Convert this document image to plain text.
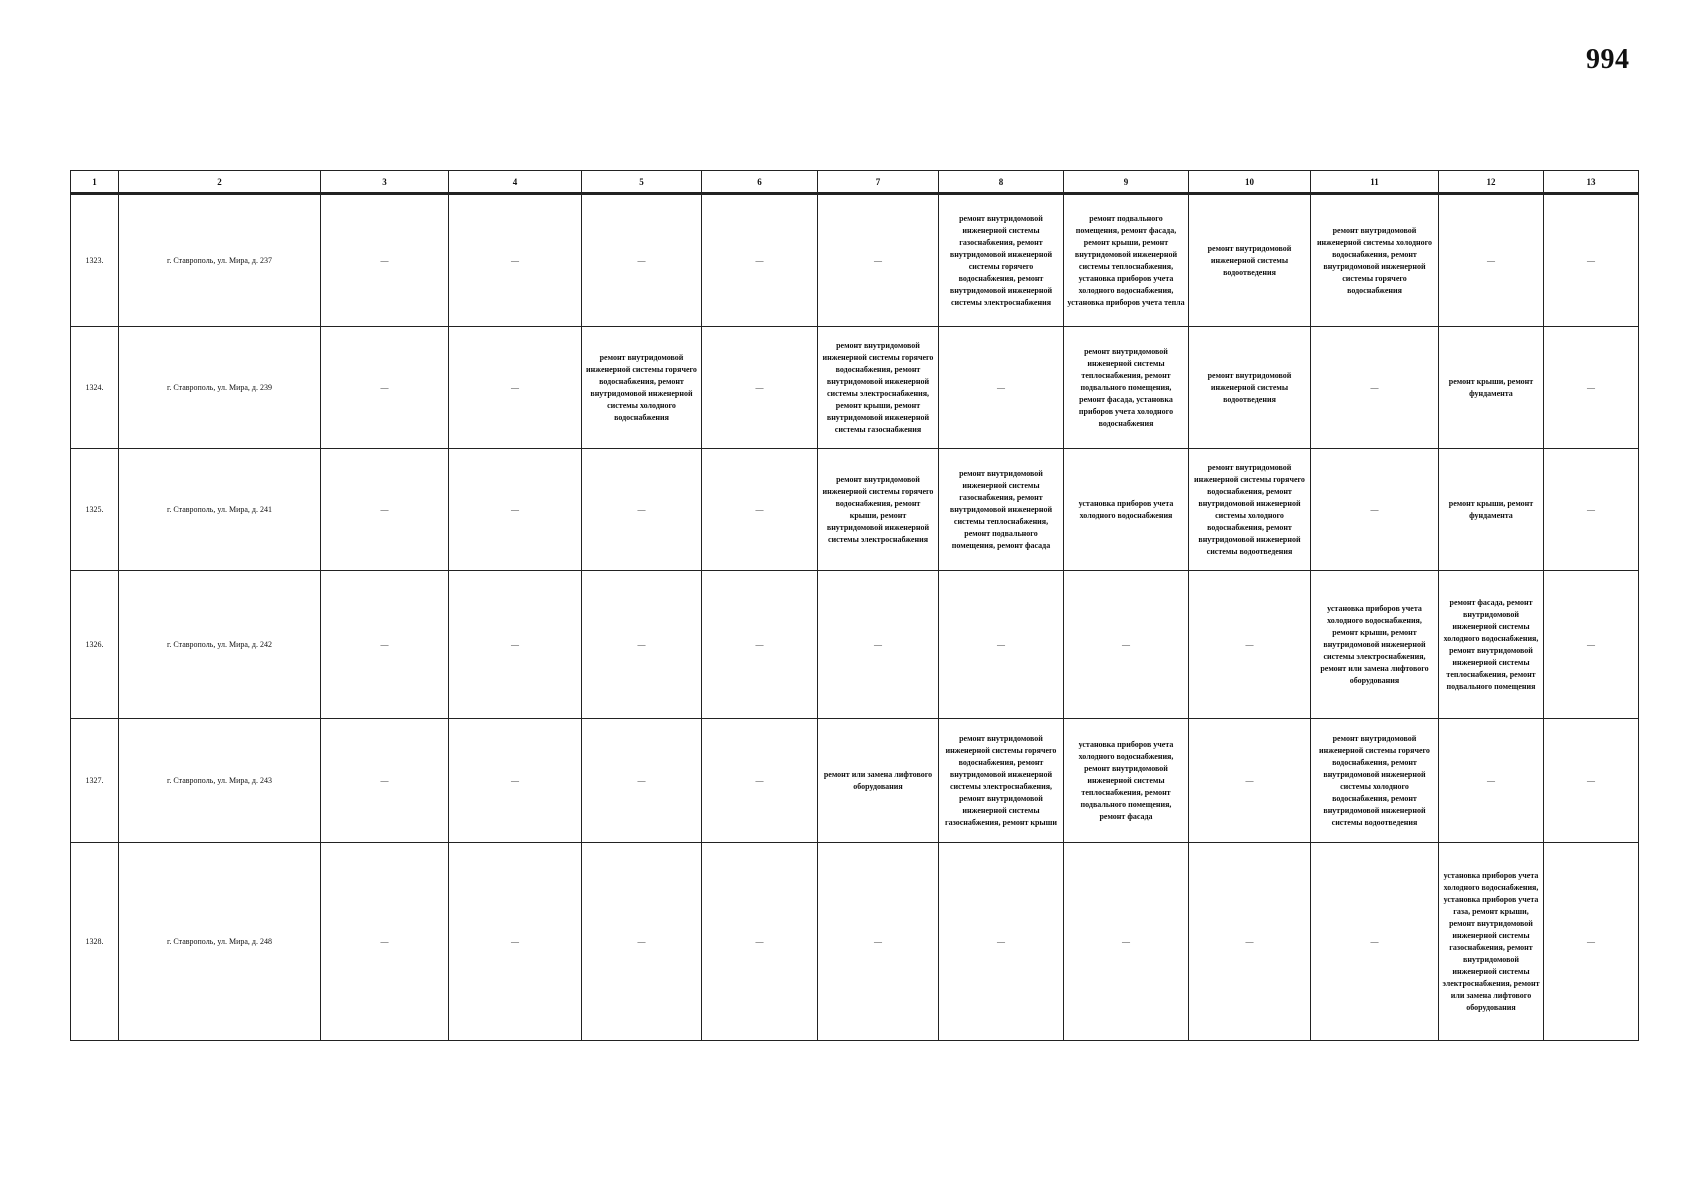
994
1	2	3	4	5	6	7	8	9	10	11	12	13
1323.	г. Ставрополь, ул. Мира, д. 237	—	—	—	—	—	ремонт внутридомовой инженерной системы газоснабжения, ремонт внутридомовой инженерной системы горячего водоснабжения, ремонт внутридомовой инженерной системы электроснабжения	ремонт подвального помещения, ремонт фасада, ремонт крыши, ремонт внутридомовой инженерной системы теплоснабжения, установка приборов учета холодного водоснабжения, установка приборов учета тепла	ремонт внутридомовой инженерной системы водоотведения	ремонт внутридомовой инженерной системы холодного водоснабжения, ремонт внутридомовой инженерной системы горячего водоснабжения	—	—
1324.	г. Ставрополь, ул. Мира, д. 239	—	—	ремонт внутридомовой инженерной системы горячего водоснабжения, ремонт внутридомовой инженерной системы холодного водоснабжения	—	ремонт внутридомовой инженерной системы горячего водоснабжения, ремонт внутридомовой инженерной системы электроснабжения, ремонт крыши, ремонт внутридомовой инженерной системы газоснабжения	—	ремонт внутридомовой инженерной системы теплоснабжения, ремонт подвального помещения, ремонт фасада, установка приборов учета холодного водоснабжения	ремонт внутридомовой инженерной системы водоотведения	—	ремонт крыши, ремонт фундамента	—
1325.	г. Ставрополь, ул. Мира, д. 241	—	—	—	—	ремонт внутридомовой инженерной системы горячего водоснабжения, ремонт крыши, ремонт внутридомовой инженерной системы электроснабжения	ремонт внутридомовой инженерной системы газоснабжения, ремонт внутридомовой инженерной системы теплоснабжения, ремонт подвального помещения, ремонт фасада	установка приборов учета холодного водоснабжения	ремонт внутридомовой инженерной системы горячего водоснабжения, ремонт внутридомовой инженерной системы холодного водоснабжения, ремонт внутридомовой инженерной системы водоотведения	—	ремонт крыши, ремонт фундамента	—
1326.	г. Ставрополь, ул. Мира, д. 242	—	—	—	—	—	—	—	—	установка приборов учета холодного водоснабжения, ремонт крыши, ремонт внутридомовой инженерной системы электроснабжения, ремонт или замена лифтового оборудования	ремонт фасада, ремонт внутридомовой инженерной системы холодного водоснабжения, ремонт внутридомовой инженерной системы теплоснабжения, ремонт подвального помещения	—
1327.	г. Ставрополь, ул. Мира, д. 243	—	—	—	—	ремонт или замена лифтового оборудования	ремонт внутридомовой инженерной системы горячего водоснабжения, ремонт внутридомовой инженерной системы электроснабжения, ремонт внутридомовой инженерной системы газоснабжения, ремонт крыши	установка приборов учета холодного водоснабжения, ремонт внутридомовой инженерной системы теплоснабжения, ремонт подвального помещения, ремонт фасада	—	ремонт внутридомовой инженерной системы горячего водоснабжения, ремонт внутридомовой инженерной системы холодного водоснабжения, ремонт внутридомовой инженерной системы водоотведения	—	—
1328.	г. Ставрополь, ул. Мира, д. 248	—	—	—	—	—	—	—	—	—	установка приборов учета холодного водоснабжения, установка приборов учета газа, ремонт крыши, ремонт внутридомовой инженерной системы газоснабжения, ремонт внутридомовой инженерной системы электроснабжения, ремонт или замена лифтового оборудования	—
